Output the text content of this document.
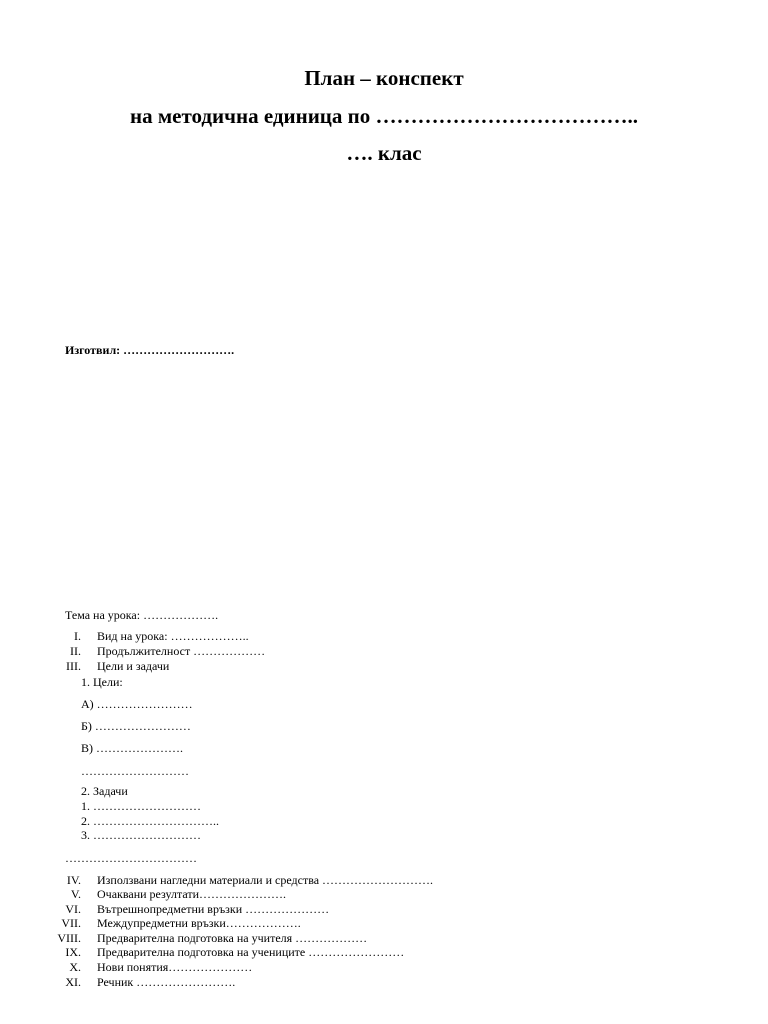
План – конспект
на методична единица по ………………………………..
…. клас
Изготвил: ……………………….
Тема на урока: ……………….
I. Вид на урока: ………………..
II. Продължителност ………………
III. Цели и задачи
1. Цели:
А) ……………………
Б) ……………………
В) ………………….
………………………
2. Задачи
1. ………………………
2. …………………………..
3. ………………………
……………………………
IV. Използвани нагледни материали и средства ……………………….
V. Очаквани резултати………………….
VI. Вътрешнопредметни връзки …………………
VII. Междупредметни връзки……………….
VIII. Предварителна подготовка на учителя ………………
IX. Предварителна подготовка на учениците ……………………
X. Нови понятия…………………
XI. Речник …………………….
